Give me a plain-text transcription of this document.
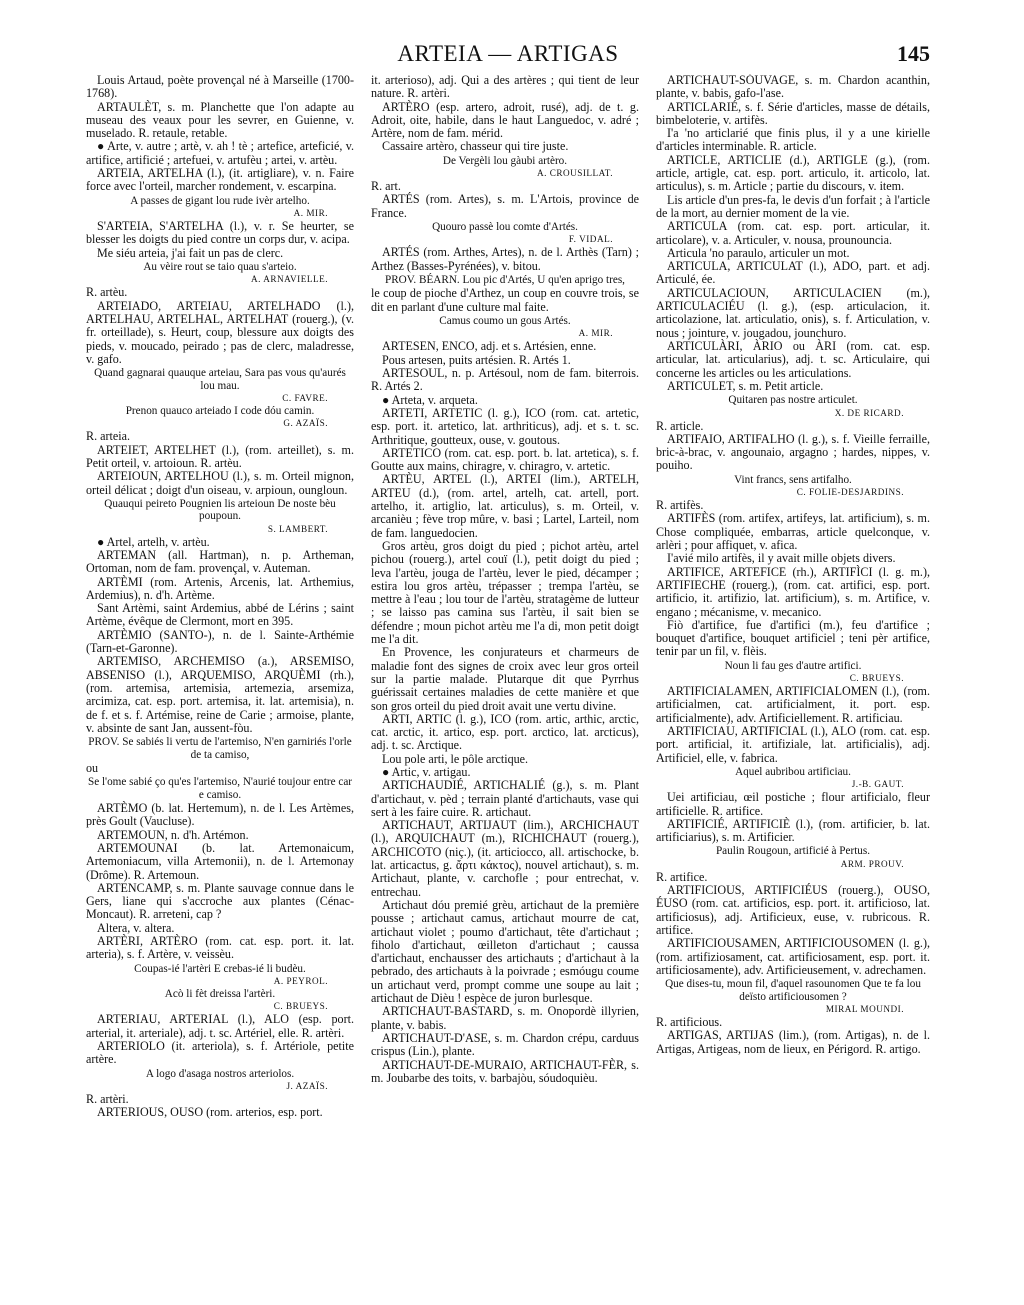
ARTEIA — ARTIGAS	145

Louis Artaud, poète provençal né à Marseille (1700-1768).

ARTAULÈT, s. m. Planchette que l'on adapte au museau des veaux pour les sevrer, en Guienne, v. muselado. R. retaule, retable.

● Arte, v. autre ; artè, v. ah ! tè ; artefice, arteficié, v. artifice, artificié ; artefuei, v. artufèu ; artei, v. artèu.

ARTEIA, ARTELHA (l.), (it. artigliare), v. n. Faire force avec l'orteil, marcher rondement, v. escarpina.

A passes de gigant lou rude ivèr artelho.

A. MIR.

S'ARTEIA, S'ARTELHA (l.), v. r. Se heurter, se blesser les doigts du pied contre un corps dur, v. acipa.

Me siéu arteia, j'ai fait un pas de clerc.

Au vèire rout se taio quau s'arteio.

A. ARNAVIELLE.

R. artèu.

ARTEIADO, ARTEIAU, ARTELHADO (l.), ARTELHAU, ARTELHAL, ARTELHAT (rouerg.), (v. fr. orteillade), s. Heurt, coup, blessure aux doigts des pieds, v. moucado, peirado ; pas de clerc, maladresse, v. gafo.

Quand gagnarai quauque arteiau, Sara pas vous qu'aurés lou mau.

C. FAVRE.

Prenon quauco arteiado I code dóu camin.

G. AZAÏS.

R. arteia.

ARTEIET, ARTELHET (l.), (rom. arteillet), s. m. Petit orteil, v. artoioun. R. artèu.

ARTEIOUN, ARTELHOU (l.), s. m. Orteil mignon, orteil délicat ; doigt d'un oiseau, v. arpioun, oungloun.

Quauqui peireto Pougnien lis arteioun De noste bèu poupoun.

S. LAMBERT.

● Artel, artelh, v. artèu.

ARTEMAN (all. Hartman), n. p. Artheman, Ortoman, nom de fam. provençal, v. Auteman.

ARTÈMI (rom. Artenis, Arcenis, lat. Arthemius, Ardemius), n. d'h. Artème.

Sant Artèmi, saint Ardemius, abbé de Lérins ; saint Artème, évêque de Clermont, mort en 395.

ARTÈMIO (SANTO-), n. de l. Sainte-Arthémie (Tarn-et-Garonne).

ARTEMISO, ARCHEMISO (a.), ARSEMISO, ABSENISO (l.), ARQUEMISO, ARQUÈMI (rh.), (rom. artemisa, artemisia, artemezia, arsemiza, arcimiza, cat. esp. port. artemisa, it. lat. artemisia), n. de f. et s. f. Artémise, reine de Carie ; armoise, plante, v. absinte de sant Jan, aussent-fòu.

PROV. Se sabiés li vertu de l'artemiso, N'en garniriés l'orle de ta camiso,

ou

Se l'ome sabié ço qu'es l'artemiso, N'aurié toujour entre car e camiso.

ARTÈMO (b. lat. Hertemum), n. de l. Les Artèmes, près Goult (Vaucluse).

ARTEMOUN, n. d'h. Artémon.

ARTEMOUNAI (b. lat. Artemonaicum, Artemoniacum, villa Artemonii), n. de l. Artemonay (Drôme). R. Artemoun.

ARTENCAMP, s. m. Plante sauvage connue dans le Gers, liane qui s'accroche aux plantes (Cénac-Moncaut). R. arreteni, cap ?

Altera, v. altera.

ARTÈRI, ARTÈRO (rom. cat. esp. port. it. lat. arteria), s. f. Artère, v. veissèu.

Coupas-ié l'artèri E crebas-ié li budèu.

A. PEYROL.

Acò li fèt dreissa l'artèri.

C. BRUEYS.

ARTERIAU, ARTERIAL (l.), ALO (esp. port. arterial, it. arteriale), adj. t. sc. Artériel, elle. R. artèri.

ARTERIOLO (it. arteriola), s. f. Artériole, petite artère.

A logo d'asaga nostros arteriolos.

J. AZAÏS.

R. artèri.

ARTERIOUS, OUSO (rom. arterios, esp. port.

it. arterioso), adj. Qui a des artères ; qui tient de leur nature. R. artèri.

ARTÈRO (esp. artero, adroit, rusé), adj. de t. g. Adroit, oite, habile, dans le haut Languedoc, v. adré ; Artère, nom de fam. mérid.

Cassaire artèro, chasseur qui tire juste.

De Vergèli lou gàubi artèro.

A. CROUSILLAT.

R. art.

ARTÉS (rom. Artes), s. m. L'Artois, province de France.

Quouro passè lou comte d'Artés.

F. VIDAL.

ARTÉS (rom. Arthes, Artes), n. de l. Arthès (Tarn) ; Arthez (Basses-Pyrénées), v. bitou.

PROV. BÉARN. Lou pic d'Artés, U qu'en aprigo tres,

le coup de pioche d'Arthez, un coup en couvre trois, se dit en parlant d'une culture mal faite.

Camus coumo un gous Artés.

A. MIR.

ARTESEN, ENCO, adj. et s. Artésien, enne.

Pous artesen, puits artésien. R. Artés 1.

ARTESOUL, n. p. Artésoul, nom de fam. biterrois. R. Artés 2.

● Arteta, v. arqueta.

ARTETI, ARTETIC (l. g.), ICO (rom. cat. artetic, esp. port. it. artetico, lat. arthriticus), adj. et s. t. sc. Arthritique, goutteux, ouse, v. goutous.

ARTETICO (rom. cat. esp. port. b. lat. artetica), s. f. Goutte aux mains, chiragre, v. chiragro, v. artetic.

ARTÈU, ARTEL (l.), ARTEI (lim.), ARTELH, ARTEU (d.), (rom. artel, artelh, cat. artell, port. artelho, it. artiglio, lat. articulus), s. m. Orteil, v. arcanièu ; fève trop mûre, v. basi ; Lartel, Larteil, nom de fam. languedocien.

Gros artèu, gros doigt du pied ; pichot artèu, artel pichou (rouerg.), artel couï (l.), petit doigt du pied ; leva l'artèu, jouga de l'artèu, lever le pied, décamper ; estira lou gros artèu, trépasser ; trempa l'artèu, se mettre à l'eau ; lou tour de l'artèu, stratagème de lutteur ; se laisso pas camina sus l'artèu, il sait bien se défendre ; moun pichot artèu me l'a di, mon petit doigt me l'a dit.

En Provence, les conjurateurs et charmeurs de maladie font des signes de croix avec leur gros orteil sur la partie malade. Plutarque dit que Pyrrhus guérissait certaines maladies de cette manière et que son gros orteil du pied droit avait une vertu divine.

ARTI, ARTIC (l. g.), ICO (rom. artic, arthic, arctic, cat. arctic, it. artico, esp. port. arctico, lat. arcticus), adj. t. sc. Arctique.

Lou pole arti, le pôle arctique.

● Artic, v. artigau.

ARTICHAUDIÉ, ARTICHALIÉ (g.), s. m. Plant d'artichaut, v. pèd ; terrain planté d'artichauts, vase qui sert à les faire cuire. R. artichaut.

ARTICHAUT, ARTIJAUT (lim.), ARCHICHAUT (l.), ARQUICHAUT (m.), RICHICHAUT (rouerg.), ARCHICOTO (niç.), (it. articiocco, all. artischocke, b. lat. articactus, g. ἄρτι κάκτος), nouvel artichaut), s. m. Artichaut, plante, v. carchofle ; pour entrechat, v. entrechau.

Artichaut dóu premié grèu, artichaut de la première pousse ; artichaut camus, artichaut mourre de cat, artichaut violet ; poumo d'artichaut, tête d'artichaut ; fiholo d'artichaut, œilleton d'artichaut ; caussa d'artichaut, enchausser des artichauts ; d'artichaut à la pebrado, des artichauts à la poivrade ; esmóugu coume un artichaut verd, prompt comme une soupe au lait ; artichaut de Dièu ! espèce de juron burlesque.

ARTICHAUT-BASTARD, s. m. Onopordè illyrien, plante, v. babis.

ARTICHAUT-D'ASE, s. m. Chardon crépu, carduus crispus (Lin.), plante.

ARTICHAUT-DE-MURAIO, ARTICHAUT-FÈR, s. m. Joubarbe des toits, v. barbajòu, sóudoquièu.

ARTICHAUT-SÓUVAGE, s. m. Chardon acanthin, plante, v. babis, gafo-l'ase.

ARTICLARIÉ, s. f. Série d'articles, masse de détails, bimbeloterie, v. artifès.

I'a 'no articlarié que finis plus, il y a une kirielle d'articles interminable. R. article.

ARTICLE, ARTICLIE (d.), ARTIGLE (g.), (rom. article, artigle, cat. esp. port. articulo, it. articolo, lat. articulus), s. m. Article ; partie du discours, v. item.

Lis article d'un pres-fa, le devis d'un forfait ; à l'article de la mort, au dernier moment de la vie.

ARTICULA (rom. cat. esp. port. articular, it. articolare), v. a. Articuler, v. nousa, prounouncia.

Articula 'no paraulo, articuler un mot.

ARTICULA, ARTICULAT (l.), ADO, part. et adj. Articulé, ée.

ARTICULACIOUN, ARTICULACIEN (m.), ARTICULACIÉU (l. g.), (esp. articulacion, it. articolazione, lat. articulatio, onis), s. f. Articulation, v. nous ; jointure, v. jougadou, jounchuro.

ARTICULÀRI, ÀRIO ou ÀRI (rom. cat. esp. articular, lat. articularius), adj. t. sc. Articulaire, qui concerne les articles ou les articulations.

ARTICULET, s. m. Petit article.

Quitaren pas nostre articulet.

X. DE RICARD.

R. article.

ARTIFAIO, ARTIFALHO (l. g.), s. f. Vieille ferraille, bric-à-brac, v. angounaio, argagno ; hardes, nippes, v. pouiho.

Vint francs, sens artifalho.

C. FOLIE-DESJARDINS.

R. artifès.

ARTIFÈS (rom. artifex, artifeys, lat. artificium), s. m. Chose compliquée, embarras, article quelconque, v. arlèri ; pour affiquet, v. afica.

I'avié milo artifès, il y avait mille objets divers.

ARTIFICE, ARTEFICE (rh.), ARTIFÌCI (l. g. m.), ARTIFIECHE (rouerg.), (rom. cat. artifici, esp. port. artificio, it. artifizio, lat. artificium), s. m. Artifice, v. engano ; mécanisme, v. mecanico.

Fiò d'artifice, fue d'artifici (m.), feu d'artifice ; bouquet d'artifice, bouquet artificiel ; teni pèr artifice, tenir par un fil, v. flèis.

Noun li fau ges d'autre artifici.

C. BRUEYS.

ARTIFICIALAMEN, ARTIFICIALOMEN (l.), (rom. artificialmen, cat. artificialment, it. port. esp. artificialmente), adv. Artificiellement. R. artificiau.

ARTIFICIAU, ARTIFICIAL (l.), ALO (rom. cat. esp. port. artificial, it. artifiziale, lat. artificialis), adj. Artificiel, elle, v. fabrica.

Aquel aubribou artificiau.

J.-B. GAUT.

Uei artificiau, œil postiche ; flour artificialo, fleur artificielle. R. artifice.

ARTIFICIÉ, ARTIFICIÈ (l.), (rom. artificier, b. lat. artificiarius), s. m. Artificier.

Paulin Rougoun, artificié à Pertus.

ARM. PROUV.

R. artifice.

ARTIFICIOUS, ARTIFICIÉUS (rouerg.), OUSO, ÉUSO (rom. cat. artificios, esp. port. it. artificioso, lat. artificiosus), adj. Artificieux, euse, v. rubricous. R. artifice.

ARTIFICIOUSAMEN, ARTIFICIOUSOMEN (l. g.), (rom. artifiziosament, cat. artificiosament, esp. port. it. artificiosamente), adv. Artificieusement, v. adrechamen.

Que dises-tu, moun fil, d'aquel rasounomen Que te fa lou deïsto artificiousomen ?

MIRAL MOUNDI.

R. artificious.

ARTIGAS, ARTIJAS (lim.), (rom. Artigas), n. de l. Artigas, Artigeas, nom de lieux, en Périgord. R. artigo.
